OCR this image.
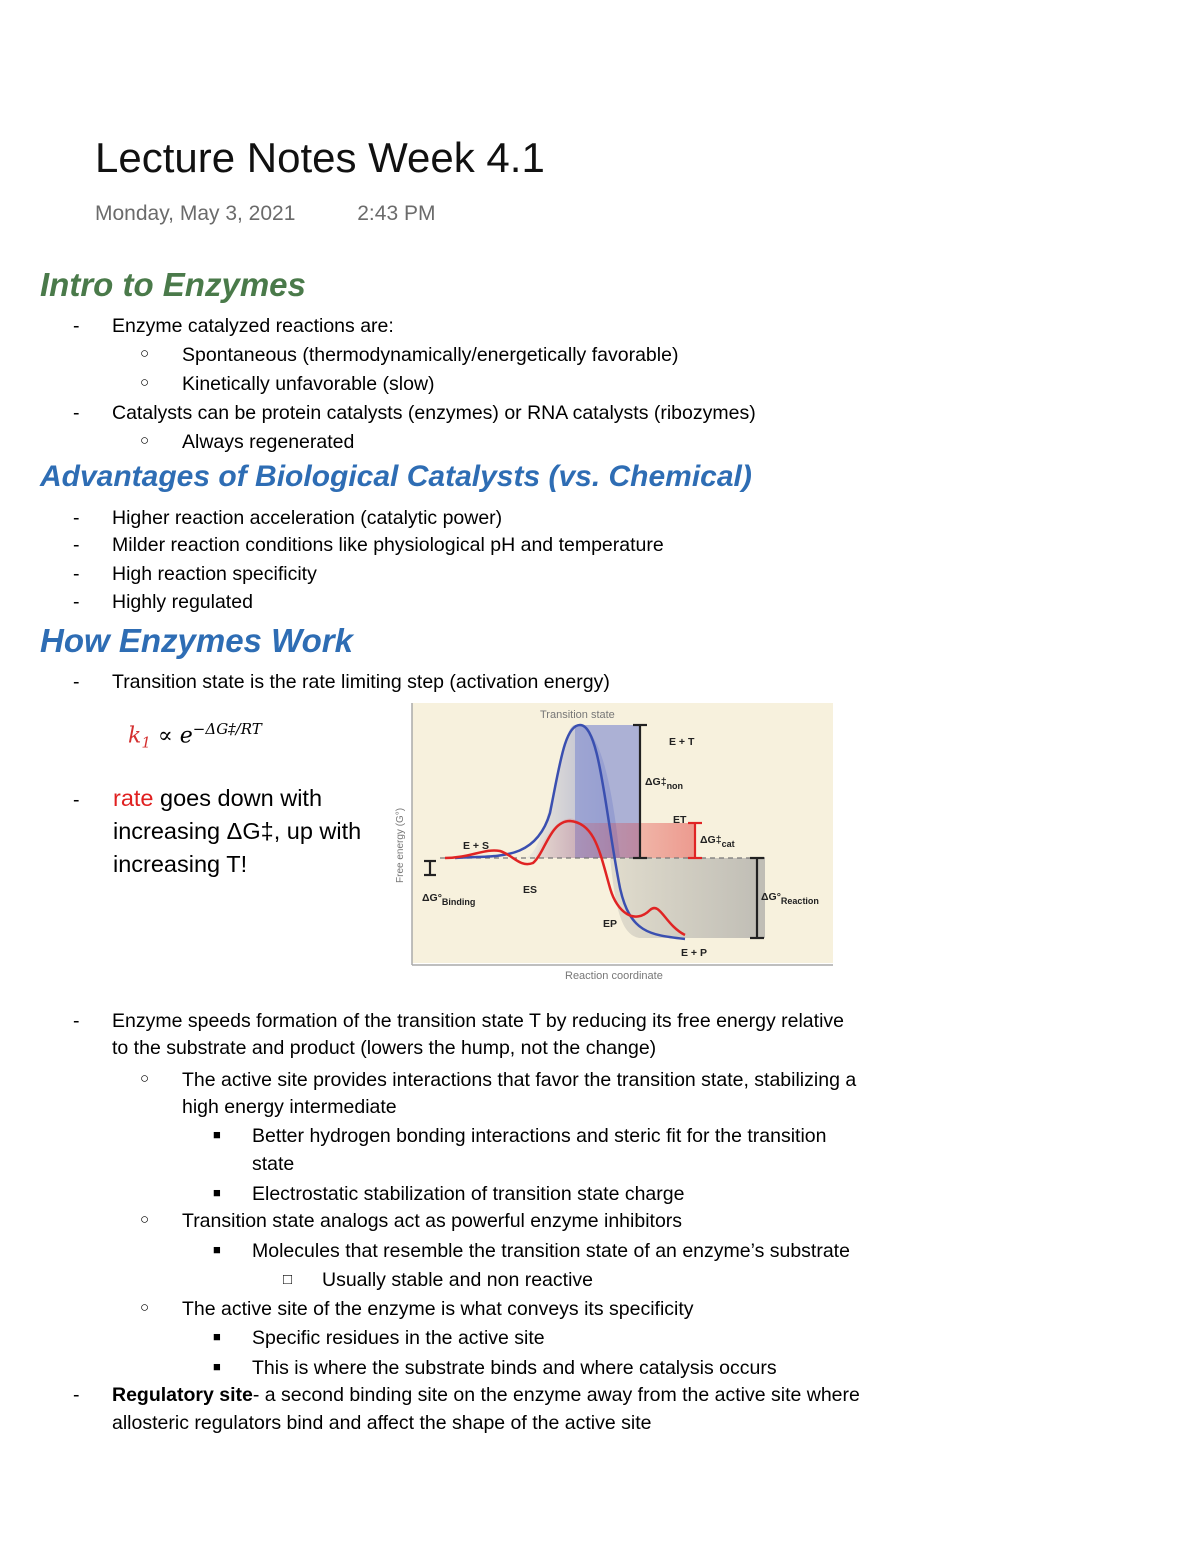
Lecture Notes Week 4.1
Monday, May 3, 2021	2:43 PM
Intro to Enzymes
- Enzyme catalyzed reactions are:
○ Spontaneous (thermodynamically/energetically favorable)
○ Kinetically unfavorable (slow)
- Catalysts can be protein catalysts (enzymes) or RNA catalysts (ribozymes)
○ Always regenerated
Advantages of Biological Catalysts (vs. Chemical)
- Higher reaction acceleration (catalytic power)
- Milder reaction conditions like physiological pH and temperature
- High reaction specificity
- Highly regulated
How Enzymes Work
- Transition state is the rate limiting step (activation energy)
$k_1 \propto e^{-\Delta G\ddagger/RT}$
- rate goes down with
increasing ΔG‡, up with
increasing T!
Transition state
E + T
ΔG‡non
ET
ΔG‡cat
E + S
ES
ΔG°Binding
EP
E + P
ΔG°Reaction
Free energy (G°)
Reaction coordinate
- Enzyme speeds formation of the transition state T by reducing its free energy relative
to the substrate and product (lowers the hump, not the change)
○ The active site provides interactions that favor the transition state, stabilizing a
high energy intermediate
■ Better hydrogen bonding interactions and steric fit for the transition
state
■ Electrostatic stabilization of transition state charge
○ Transition state analogs act as powerful enzyme inhibitors
■ Molecules that resemble the transition state of an enzyme’s substrate
□ Usually stable and non reactive
○ The active site of the enzyme is what conveys its specificity
■ Specific residues in the active site
■ This is where the substrate binds and where catalysis occurs
- Regulatory site- a second binding site on the enzyme away from the active site where
allosteric regulators bind and affect the shape of the active site
